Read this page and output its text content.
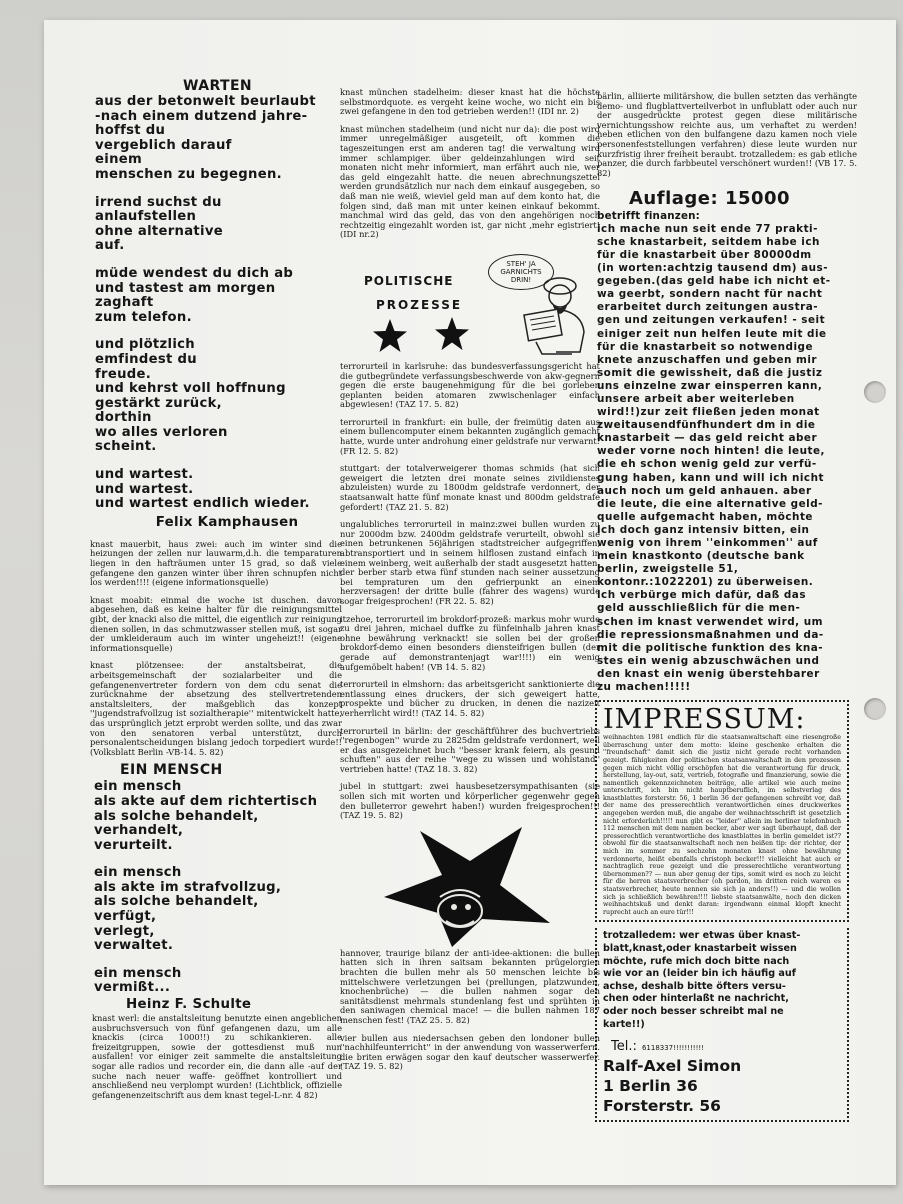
WARTEN
aus der betonwelt beurlaubt
-nach einem dutzend jahre-
hoffst du
vergeblich darauf
einem
menschen zu begegnen.
irrend suchst du
anlaufstellen
ohne alternative
auf.
müde wendest du dich ab
und tastest am morgen
zaghaft
zum telefon.
und plötzlich
emfindest du
freude.
und kehrst voll hoffnung
gestärkt zurück,
dorthin
wo alles verloren
scheint.
und wartest.
und wartest.
und wartest endlich wieder.
Felix Kamphausen

knast mauerbit, haus zwei: auch im winter sind die heizungen der zellen nur lauwarm,d.h. die temparaturen liegen in den hafträumen unter 15 grad, so daß viele gefangene den ganzen winter über ihren schnupfen nicht los werden!!!! (eigene informationsquelle)

knast moabit: einmal die woche ist duschen. davon abgesehen, daß es keine halter für die reinigungsmittel gibt, der knacki also die mittel, die eigentlich zur reinigung dienen sollen, in das schmutzwasser stellen muß, ist sogar der umkleideraum auch im winter ungeheizt!! (eigene informationsquelle)

knast plötzensee: der anstaltsbeirat, die arbeitsgemeinschaft der sozialarbeiter und die gefangenenvertreter fordern von dem cdu senat die zurücknahme der absetzung des stellvertretenden anstaltsleiters, der maßgeblich das konzept ''jugendstrafvollzug ist sozialtherapie'' mitentwickelt hatte, das ursprünglich jetzt erprobt werden sollte, und das zwar von den senatoren verbal unterstützt, durch personalentscheidungen bislang jedoch torpediert wurde!! (Volksblatt Berlin -VB-14. 5. 82)

EIN MENSCH
ein mensch
als akte auf dem richtertisch
als solche behandelt,
verhandelt,
verurteilt.
ein mensch
als akte im strafvollzug,
als solche behandelt,
verfügt,
verlegt,
verwaltet.
ein mensch
vermißt...
Heinz F. Schulte

knast werl: die anstaltsleitung benutzte einen angeblichen ausbruchsversuch von fünf gefangenen dazu, um alle knackis (circa 1000!!) zu schikankieren. alle freizeitgruppen, sowie der gottesdienst muß nun ausfallen! vor einiger zeit sammelte die anstaltsleitung sogar alle radios und recorder ein, die dann alle -auf der suche nach neuer waffe- geöffnet kontrolliert und anschließend neu verplompt wurden! (Lichtblick, offizielle gefangenenzeitschrift aus dem knast tegel-L-nr. 4 82)

knast münchen stadelheim: dieser knast hat die höchste selbstmordquote. es vergeht keine woche, wo nicht ein bis zwei gefangene in den tod getrieben werden!! (IDI nr. 2)

knast münchen stadelheim (und nicht nur da): die post wird immer unregelmäßiger ausgeteilt, oft kommen die tageszeitungen erst am anderen tag! die verwaltung wird immer schlampiger. über geldeinzahlungen wird seit monaten nicht mehr informiert, man erfährt auch nie, wer das geld eingezahlt hatte. die neuen abrechnungszettel werden grundsätzlich nur nach dem einkauf ausgegeben, so daß man nie weiß, wieviel geld man auf dem konto hat, die folgen sind, daß man mit unter keinen einkauf bekommt. manchmal wird das geld, das von den angehörigen noch rechtzeitig eingezahlt worden ist, gar nicht ,mehr egistriert! (IDI nr.2)

POLITISCHE
PROZESSE
STEH' JA GARNICHTS DRIN!

terrorurteil in karlsruhe: das bundesverfassungsgericht hat die gutbegründete verfassungsbeschwerde von akw-gegnern gegen die erste baugenehmigung für die bei gorleben geplanten beiden atomaren zwwischenlager einfach abgewiesen! (TAZ 17. 5. 82)

terrorurteil in frankfurt: ein bulle, der freimütig daten aus einem bullencomputer einem bekannten zugänglich gemacht hatte, wurde unter androhung einer geldstrafe nur verwarnt! (FR 12. 5. 82)

stuttgart: der totalverweigerer thomas schmids (hat sich geweigert die letzten drei monate seines zivildienstes abzuleisten) wurde zu 1800dm geldstrafe verdonnert, der staatsanwalt hatte fünf monate knast und 800dm geldstrafe gefordert! (TAZ 21. 5. 82)

ungalubliches terrorurteil in mainz:zwei bullen wurden zu nur 2000dm bzw. 2400dm geldstrafe verurteilt, obwohl sie einen betrunkenen 56jährigen stadtstreicher aufgegriffen, abtransportiert und in seinem hilflosen zustand einfach in einem weinberg, weit außerhalb der stadt ausgesetzt hatten. der berber starb etwa fünf stunden nach seiner aussetzung bei tempraturen um den gefrierpunkt an einem herzversagen! der dritte bulle (fahrer des wagens) wurde sogar freigesprochen! (FR 22. 5. 82)

itzehoe, terrorurteil im brokdorf-prozeß: markus mohr wurde zu drei jahren, michael duffke zu fünfeinhalb jahren knast ohne bewährung verknackt! sie sollen bei der großen brokdorf-demo einen besonders diensteifrigen bullen (der gerade auf demonstrantenjagt war!!!!) ein wenig aufgemöbelt haben! (VB 14. 5. 82)

terrorurteil in elmshorn: das arbeitsgericht sanktionierte die entlassung eines druckers, der sich geweigert hatte, prospekte und bücher zu drucken, in denen die nazizeit verherrlicht wird!! (TAZ 14. 5. 82)

terrorurteil in bärlin: der geschäftführer des buchvertriebs ''regenbogen'' wurde zu 2825dm geldstrafe verdonnert, weil er das ausgezeichnet buch ''besser krank feiern, als gesund schuften'' aus der reihe ''wege zu wissen und wohlstand'' vertrieben hatte! (TAZ 18. 3. 82)

jubel in stuttgart: zwei hausbesetzersympathisanten (sie sollen sich mit worten und körperlicher gegenwehr gegen den bulleterror gewehrt haben!) wurden freigesprochen!!! (TAZ 19. 5. 82)

hannover, traurige bilanz der anti-idee-aktionen: die bullen hatten sich in ihren saitsam bekannten prügelorgien brachten die bullen mehr als 50 menschen leichte bis mittelschwere verletzungen bei (prellungen, platzwunden, knochenbrüche) — die bullen nahmen sogar den sanitätsdienst mehrmals stundenlang fest und sprühten in den saniwagen chemical mace! — die bullen nahmen 187 menschen fest! (TAZ 25. 5. 82)

vier bullen aus niedersachsen geben den londoner bullen ''nachhilfeunterricht'' in der anwendung von wasserwerfern. die briten erwägen sogar den kauf deutscher wasserwerfer. (TAZ 19. 5. 82)

bärlin, alliierte militärshow, die bullen setzten das verhängte demo- und flugblattverteilverbot in unflublatt oder auch nur der ausgedrückte protest gegen diese militärische vernichtungsshow reichte aus, um verhaftet zu werden! neben etlichen von den bulfangene dazu kamen noch viele personenfeststellungen verfahren) diese leute wurden nur kurzfristig ihrer freiheit beraubt. trotzalledem: es gab etliche panzer, die durch farbbeutel verschönert wurden!! (VB 17. 5. 82)

Auflage: 15000
betrifft finanzen:
ich mache nun seit ende 77 prakti-
sche knastarbeit, seitdem habe ich
für die knastarbeit über 80000dm
(in worten:achtzig tausend dm) aus-
gegeben.(das geld habe ich nicht et-
wa geerbt, sondern nacht für nacht
erarbeitet durch zeitungen austra-
gen und zeitungen verkaufen! - seit
einiger zeit nun helfen leute mit die
für die knastarbeit so notwendige
knete anzuschaffen und geben mir
somit die gewissheit, daß die justiz
uns einzelne zwar einsperren kann,
unsere arbeit aber weiterleben
wird!!)zur zeit fließen jeden monat
zweitausendfünfhundert dm in die
knastarbeit — das geld reicht aber
weder vorne noch hinten! die leute,
die eh schon wenig geld zur verfü-
gung haben, kann und will ich nicht
auch noch um geld anhauen. aber
die leute, die eine alternative geld-
quelle aufgemacht haben, möchte
ich doch ganz intensiv bitten, ein
wenig von ihrem ''einkommen'' auf
mein knastkonto (deutsche bank
berlin, zweigstelle 51,
kontonr.:1022201) zu überweisen.
ich verbürge mich dafür, daß das
geld ausschließlich für die men-
schen im knast verwendet wird, um
die repressionsmaßnahmen und da-
mit die politische funktion des kna-
stes ein wenig abzuschwächen und
den knast ein wenig überstehbarer
zu machen!!!!!
IMPRESSUM:

weihnachten 1981 endlich für die staatsanwaltschaft eine riesengroße überraschung unter dem motto: kleine geschenke erhalten die ''freundschaft'' damit sich die justiz nicht gerade recht vorhanden gezeigt. fähigkeiten der politischen staatsanwaltschaft in den prozessen gegen mich nicht völlig erschöpfen hat die verantwortung für druck, herstellung, lay-out, satz, vertrieb, fotografie und finanzierung, sowie die namentlich gekennzeichneten beiträge, alle artikel wie auch meine unterschrift, ich bin nicht hauptberuflich, im selbstverlag des knastblattes forsterstr. 56, 1 berlin 36 der gefangenen schreibt vor, daß der name des presserechtlich verantwortlichen eines druckwerkes angegeben werden muß, die angabe der weihnachtsschrift ist gesetzlich nicht erforderlich!!!!! nun gibt es ''leider'' allein im berliner telefonbuch 112 menschen mit dem namen becker, aber wer sagt überhaupt, daß der presserechtlich verantwortliche des knastblattes in berlin gemeldet ist?? obwohl für die staatsanwaltschaft noch nen heißen tip: der richter, der mich im sommer zu sechzehn monaten knast ohne bewährung verdonnerte, heißt ebenfalls christoph becker!!! vielleicht hat auch er nachtraglich reue gezeigt und die presserechtliche verantwortung übernommen?? — nun aber genug der tips, somit wird es noch zu leicht für die herren staatsverbrecher (oh pardon, im dritten reich waren es staatsverbrecher, heute nennen sie sich ja anders!!) — und die wollen sich ja schließlich bewähren!!!! liebste staatsanwälte, noch den dicken weihnachtskuß und denkt daran: irgendwann einmal klopft knecht ruprecht auch an eure tür!!!

trotzalledem: wer etwas über knast-
blatt,knast,oder knastarbeit wissen
möchte, rufe mich doch bitte nach
wie vor an (leider bin ich häufig auf
achse, deshalb bitte öfters versu-
chen oder hinterlaßt ne nachricht,
oder noch besser schreibt mal ne
karte!!)
Tel.: 6118337!!!!!!!!!!!
Ralf-Axel Simon
1 Berlin 36
Forsterstr. 56
